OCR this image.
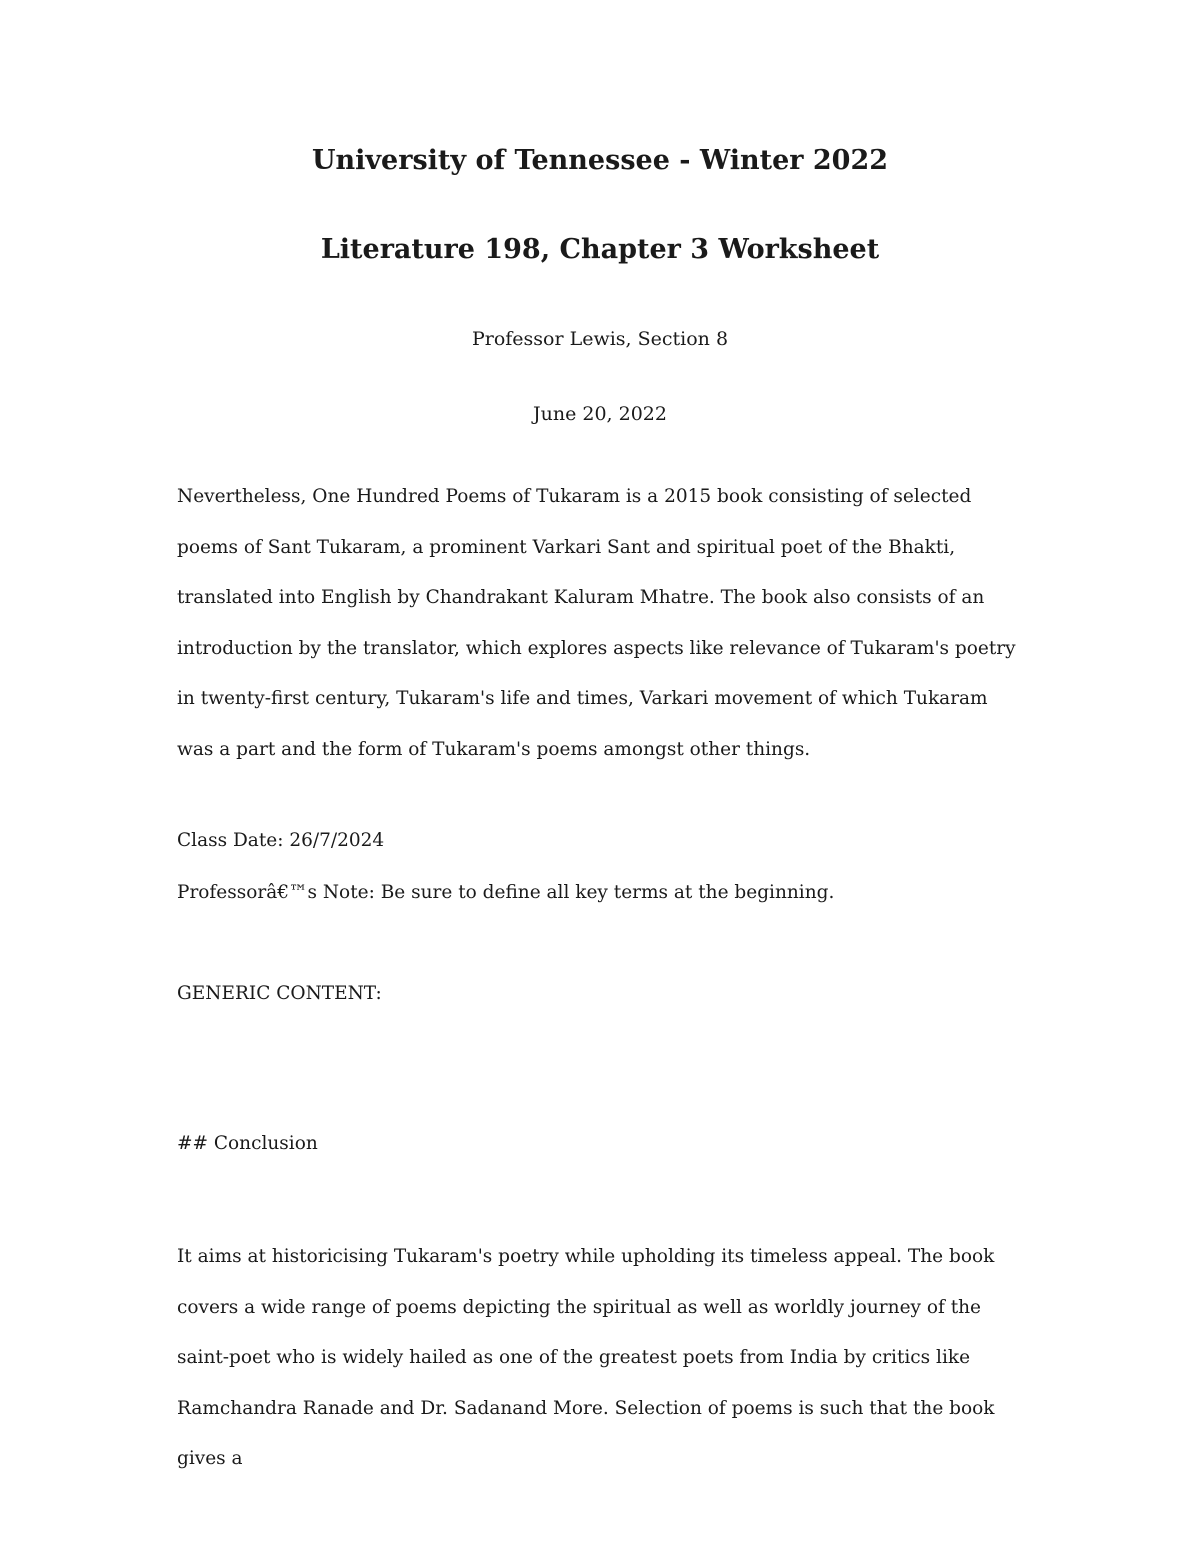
University of Tennessee - Winter 2022
Literature 198, Chapter 3 Worksheet

Professor Lewis, Section 8

June 20, 2022

Nevertheless, One Hundred Poems of Tukaram is a 2015 book consisting of selected poems of Sant Tukaram, a prominent Varkari Sant and spiritual poet of the Bhakti, translated into English by Chandrakant Kaluram Mhatre. The book also consists of an introduction by the translator, which explores aspects like relevance of Tukaram's poetry in twenty-first century, Tukaram's life and times, Varkari movement of which Tukaram was a part and the form of Tukaram's poems amongst other things.

Class Date: 26/7/2024

Professorâ€™s Note: Be sure to define all key terms at the beginning.

GENERIC CONTENT:

## Conclusion

It aims at historicising Tukaram's poetry while upholding its timeless appeal. The book covers a wide range of poems depicting the spiritual as well as worldly journey of the saint-poet who is widely hailed as one of the greatest poets from India by critics like Ramchandra Ranade and Dr. Sadanand More. Selection of poems is such that the book gives a
